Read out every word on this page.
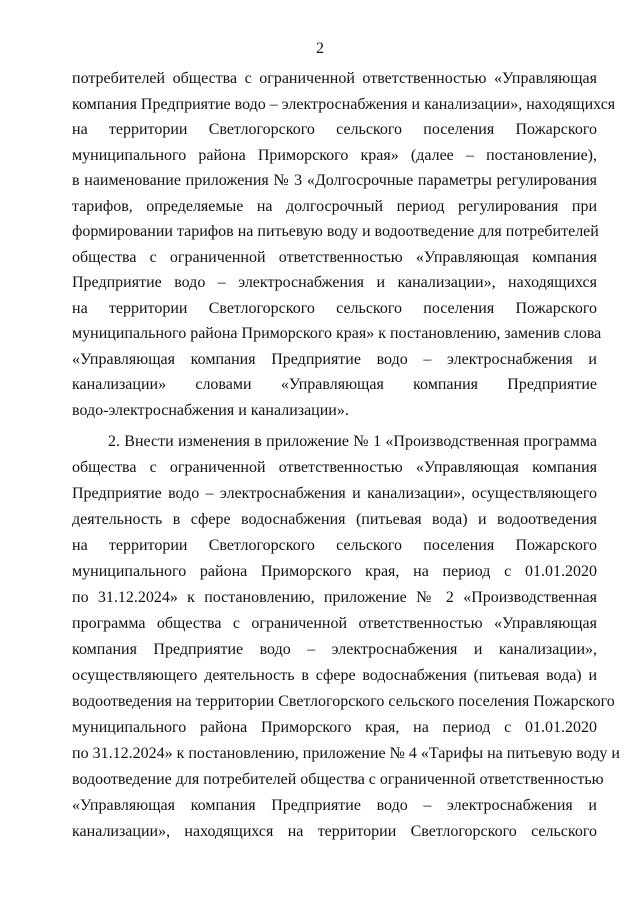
2
потребителей общества с ограниченной ответственностью «Управляющая
компания Предприятие водо – электроснабжения и канализации», находящихся
на территории Светлогорского сельского поселения Пожарского
муниципального района Приморского края» (далее – постановление),
в наименование приложения № 3 «Долгосрочные параметры регулирования
тарифов, определяемые на долгосрочный период регулирования при
формировании тарифов на питьевую воду и водоотведение для потребителей
общества с ограниченной ответственностью «Управляющая компания
Предприятие водо – электроснабжения и канализации», находящихся
на территории Светлогорского сельского поселения Пожарского
муниципального района Приморского края» к постановлению, заменив слова
«Управляющая компания Предприятие водо – электроснабжения и
канализации» словами «Управляющая компания Предприятие
водо-электроснабжения и канализации».
2. Внести изменения в приложение № 1 «Производственная программа
общества с ограниченной ответственностью «Управляющая компания
Предприятие водо – электроснабжения и канализации», осуществляющего
деятельность в сфере водоснабжения (питьевая вода) и водоотведения
на территории Светлогорского сельского поселения Пожарского
муниципального района Приморского края, на период с 01.01.2020
по 31.12.2024» к постановлению, приложение № 2 «Производственная
программа общества с ограниченной ответственностью «Управляющая
компания Предприятие водо – электроснабжения и канализации»,
осуществляющего деятельность в сфере водоснабжения (питьевая вода) и
водоотведения на территории Светлогорского сельского поселения Пожарского
муниципального района Приморского края, на период с 01.01.2020
по 31.12.2024» к постановлению, приложение № 4 «Тарифы на питьевую воду и
водоотведение для потребителей общества с ограниченной ответственностью
«Управляющая компания Предприятие водо – электроснабжения и
канализации», находящихся на территории Светлогорского сельского
